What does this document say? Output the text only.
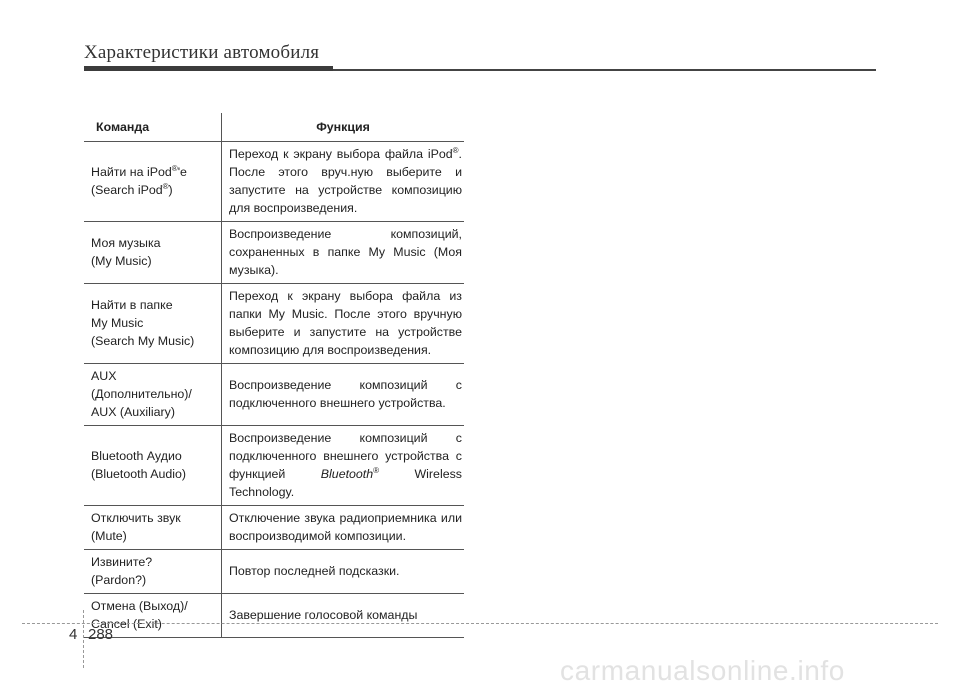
Характеристики автомобиля
Команда	Функция

Найти на iPod®'е
(Search iPod®)	Переход к экрану выбора файла iPod®. После этого вруч.ную выберите и запустите на устройстве композицию для воспроизведения.

Моя музыка
(My Music)	Воспроизведение композиций, сохраненных в папке My Music (Моя музыка).

Найти в папке
My Music
(Search My Music)	Переход к экрану выбора файла из папки My Music. После этого вручную выберите и запустите на устройстве композицию для воспроизведения.

AUX
(Дополнительно)/
AUX (Auxiliary)	Воспроизведение композиций с подключенного внешнего устройства.

Bluetooth Аудио
(Bluetooth Audio)	Воспроизведение композиций с подключенного внешнего устройства с функцией Bluetooth® Wireless Technology.

Отключить звук
(Mute)	Отключение звука радиоприемника или воспроизводимой композиции.

Извините?
(Pardon?)	Повтор последней подсказки.

Отмена (Выход)/
Cancel (Exit)	Завершение голосовой команды
4 288
carmanualsonline.info
